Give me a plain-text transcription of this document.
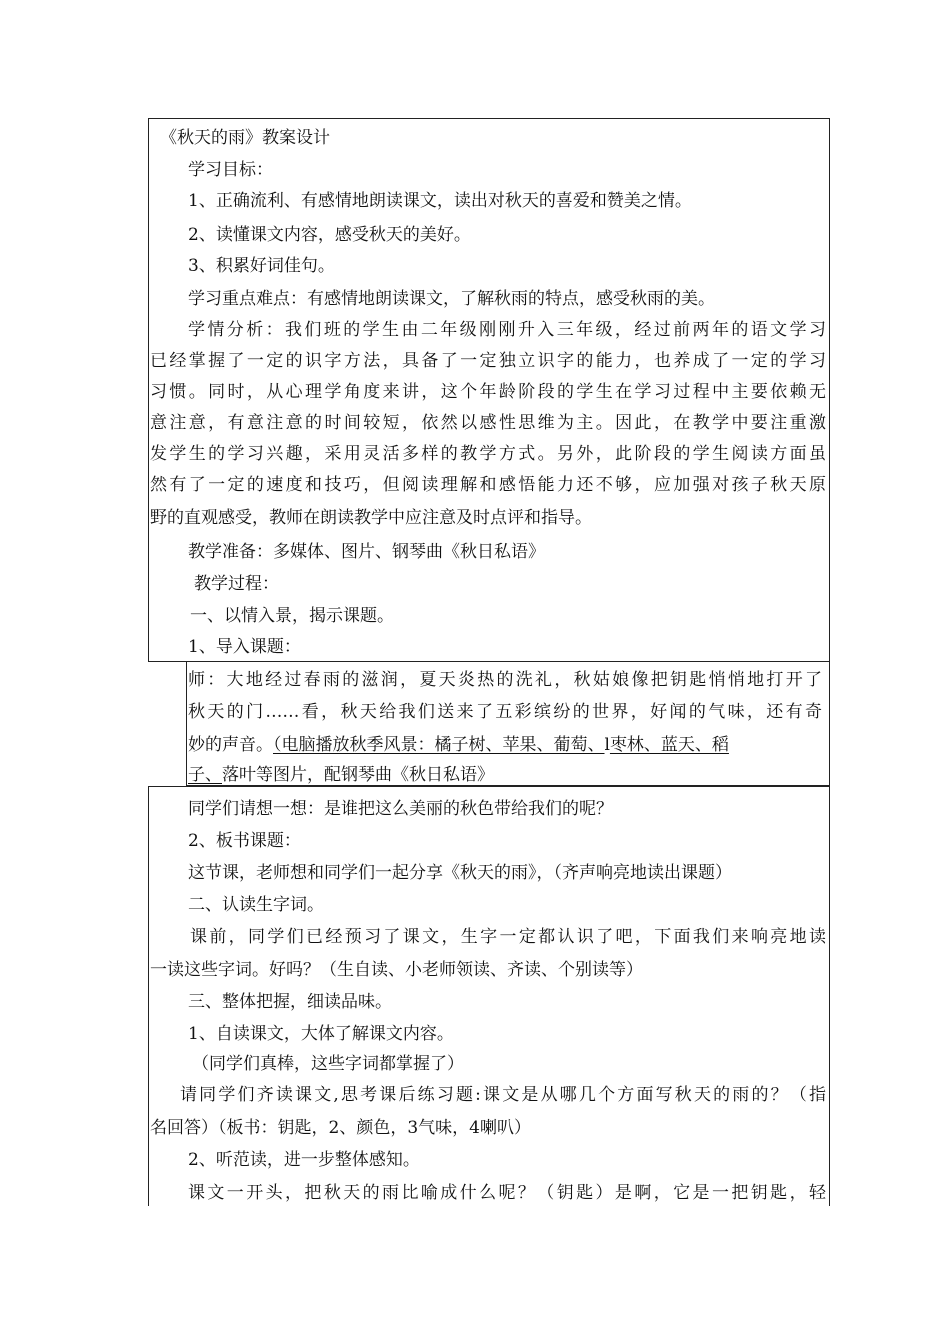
《秋天的雨》教案设计
学习目标：
1、正确流利、有感情地朗读课文，读出对秋天的喜爱和赞美之情。
2、读懂课文内容，感受秋天的美好。
3、积累好词佳句。
学习重点难点：有感情地朗读课文，了解秋雨的特点，感受秋雨的美。
学情分析：我们班的学生由二年级刚刚升入三年级，经过前两年的语文学习
已经掌握了一定的识字方法，具备了一定独立识字的能力，也养成了一定的学习
习惯。同时，从心理学角度来讲，这个年龄阶段的学生在学习过程中主要依赖无
意注意，有意注意的时间较短，依然以感性思维为主。因此，在教学中要注重激
发学生的学习兴趣，采用灵活多样的教学方式。另外，此阶段的学生阅读方面虽
然有了一定的速度和技巧，但阅读理解和感悟能力还不够，应加强对孩子秋天原
野的直观感受，教师在朗读教学中应注意及时点评和指导。
教学准备：多媒体、图片、钢琴曲《秋日私语》
教学过程：
一、以情入景，揭示课题。
1、导入课题：
师：大地经过春雨的滋润，夏天炎热的洗礼，秋姑娘像把钥匙悄悄地打开了
秋天的门……看，秋天给我们送来了五彩缤纷的世界，好闻的气味，还有奇
妙的声音。（电脑播放秋季风景：橘子树、苹果、葡萄、l枣林、蓝天、稻
子、落叶等图片，配钢琴曲《秋日私语》
同学们请想一想：是谁把这么美丽的秋色带给我们的呢？
2、板书课题：
这节课，老师想和同学们一起分享《秋天的雨》，（齐声响亮地读出课题）
二、认读生字词。
课前，同学们已经预习了课文，生字一定都认识了吧，下面我们来响亮地读
一读这些字词。好吗？（生自读、小老师领读、齐读、个别读等）
三、整体把握，细读品味。
1、自读课文，大体了解课文内容。
（同学们真棒，这些字词都掌握了）
请同学们齐读课文,思考课后练习题:课文是从哪几个方面写秋天的雨的？（指
名回答）（板书：钥匙，2、颜色，3气味，4喇叭）
2、听范读，进一步整体感知。
课文一开头，把秋天的雨比喻成什么呢？（钥匙）是啊，它是一把钥匙，轻
